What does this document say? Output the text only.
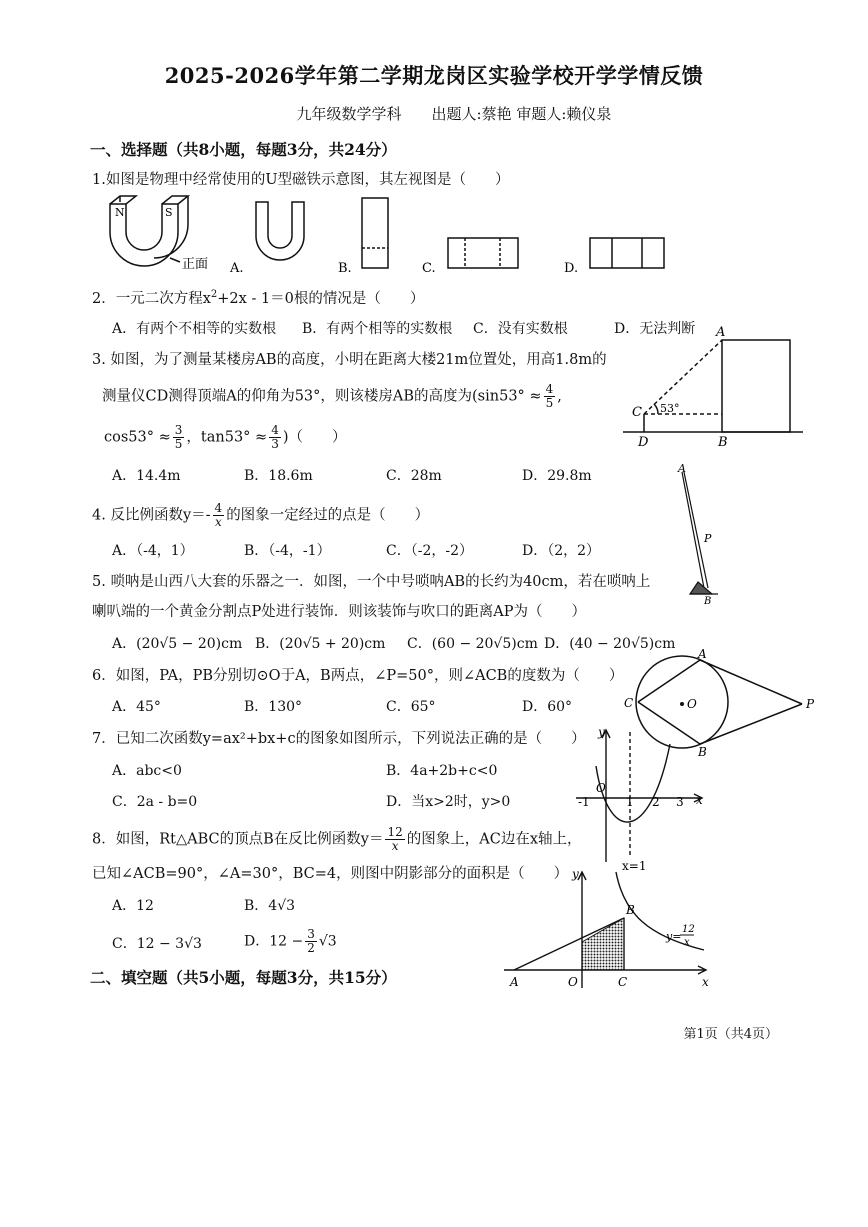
2025-2026学年第二学期龙岗区实验学校开学学情反馈
九年级数学学科　　出题人:蔡艳 审题人:赖仪泉
一、选择题（共8小题，每题3分，共24分）
1.如图是物理中经常使用的U型磁铁示意图，其左视图是（　　）
N	S
正面 A.	B.	C.	D.
2．一元二次方程$x^2+2x - 1=0$根的情况是（　　）
A．有两个不相等的实数根 B．有两个相等的实数根 C．没有实数根	D．无法判断
3. 如图，为了测量某楼房AB的高度，小明在距离大楼21m位置处，用高1.8m的
测量仪CD测得顶端A的仰角为53°，则该楼房AB的高度为($\sin 53^\circ \approx \frac{4}{5}$ ,
$\cos 53^\circ \approx \frac{3}{5}$ ，$\tan 53^\circ \approx \frac{4}{3}$ )（　　）
A．14.4m	B．18.6m	C．28m	D．29.8m
A
B
C
D
53°
4. 反比例函数$y=- \frac{4}{x}$ 的图象一定经过的点是（　　）
A．（-4，1）	B．（-4，-1）	C．（-2，-2）	D．（2，2）
A
P
B
5. 唢呐是山西八大套的乐器之一．如图，一个中号唢呐AB的长约为40cm，若在唢呐上
喇叭端的一个黄金分割点P处进行装饰．则该装饰与吹口的距离AP为（　　）
A．(20√5 − 20)cm B．(20√5 + 20)cm C．(60 − 20√5)cm D．(40 − 20√5)cm
6．如图，PA，PB分别切⊙O于A，B两点，∠P=50°，则∠ACB的度数为（　　）
A．45°	B．130°	C．65°	D．60°
A
B
C	O	P
7．已知二次函数y=ax²+bx+c的图象如图所示，下列说法正确的是（　　）
A．abc<0	B．4a+2b+c<0
C．2a - b=0	D．当x>2时，y>0
y
x
O
-1	1 2 3
x=1
8．如图，Rt△ABC的顶点B在反比例函数$y= \frac{12}{x}$ 的图象上，AC边在x轴上，
已知∠ACB=90°，∠A=30°，BC=4，则图中阴影部分的面积是（　　）
A．12	B．4√3
C．12 − 3√3	D．$12 - \frac{3}{2} √3$
y
x
O
A
B
C
y=
12
x
二、填空题（共5小题，每题3分，共15分）
第1页（共4页）
